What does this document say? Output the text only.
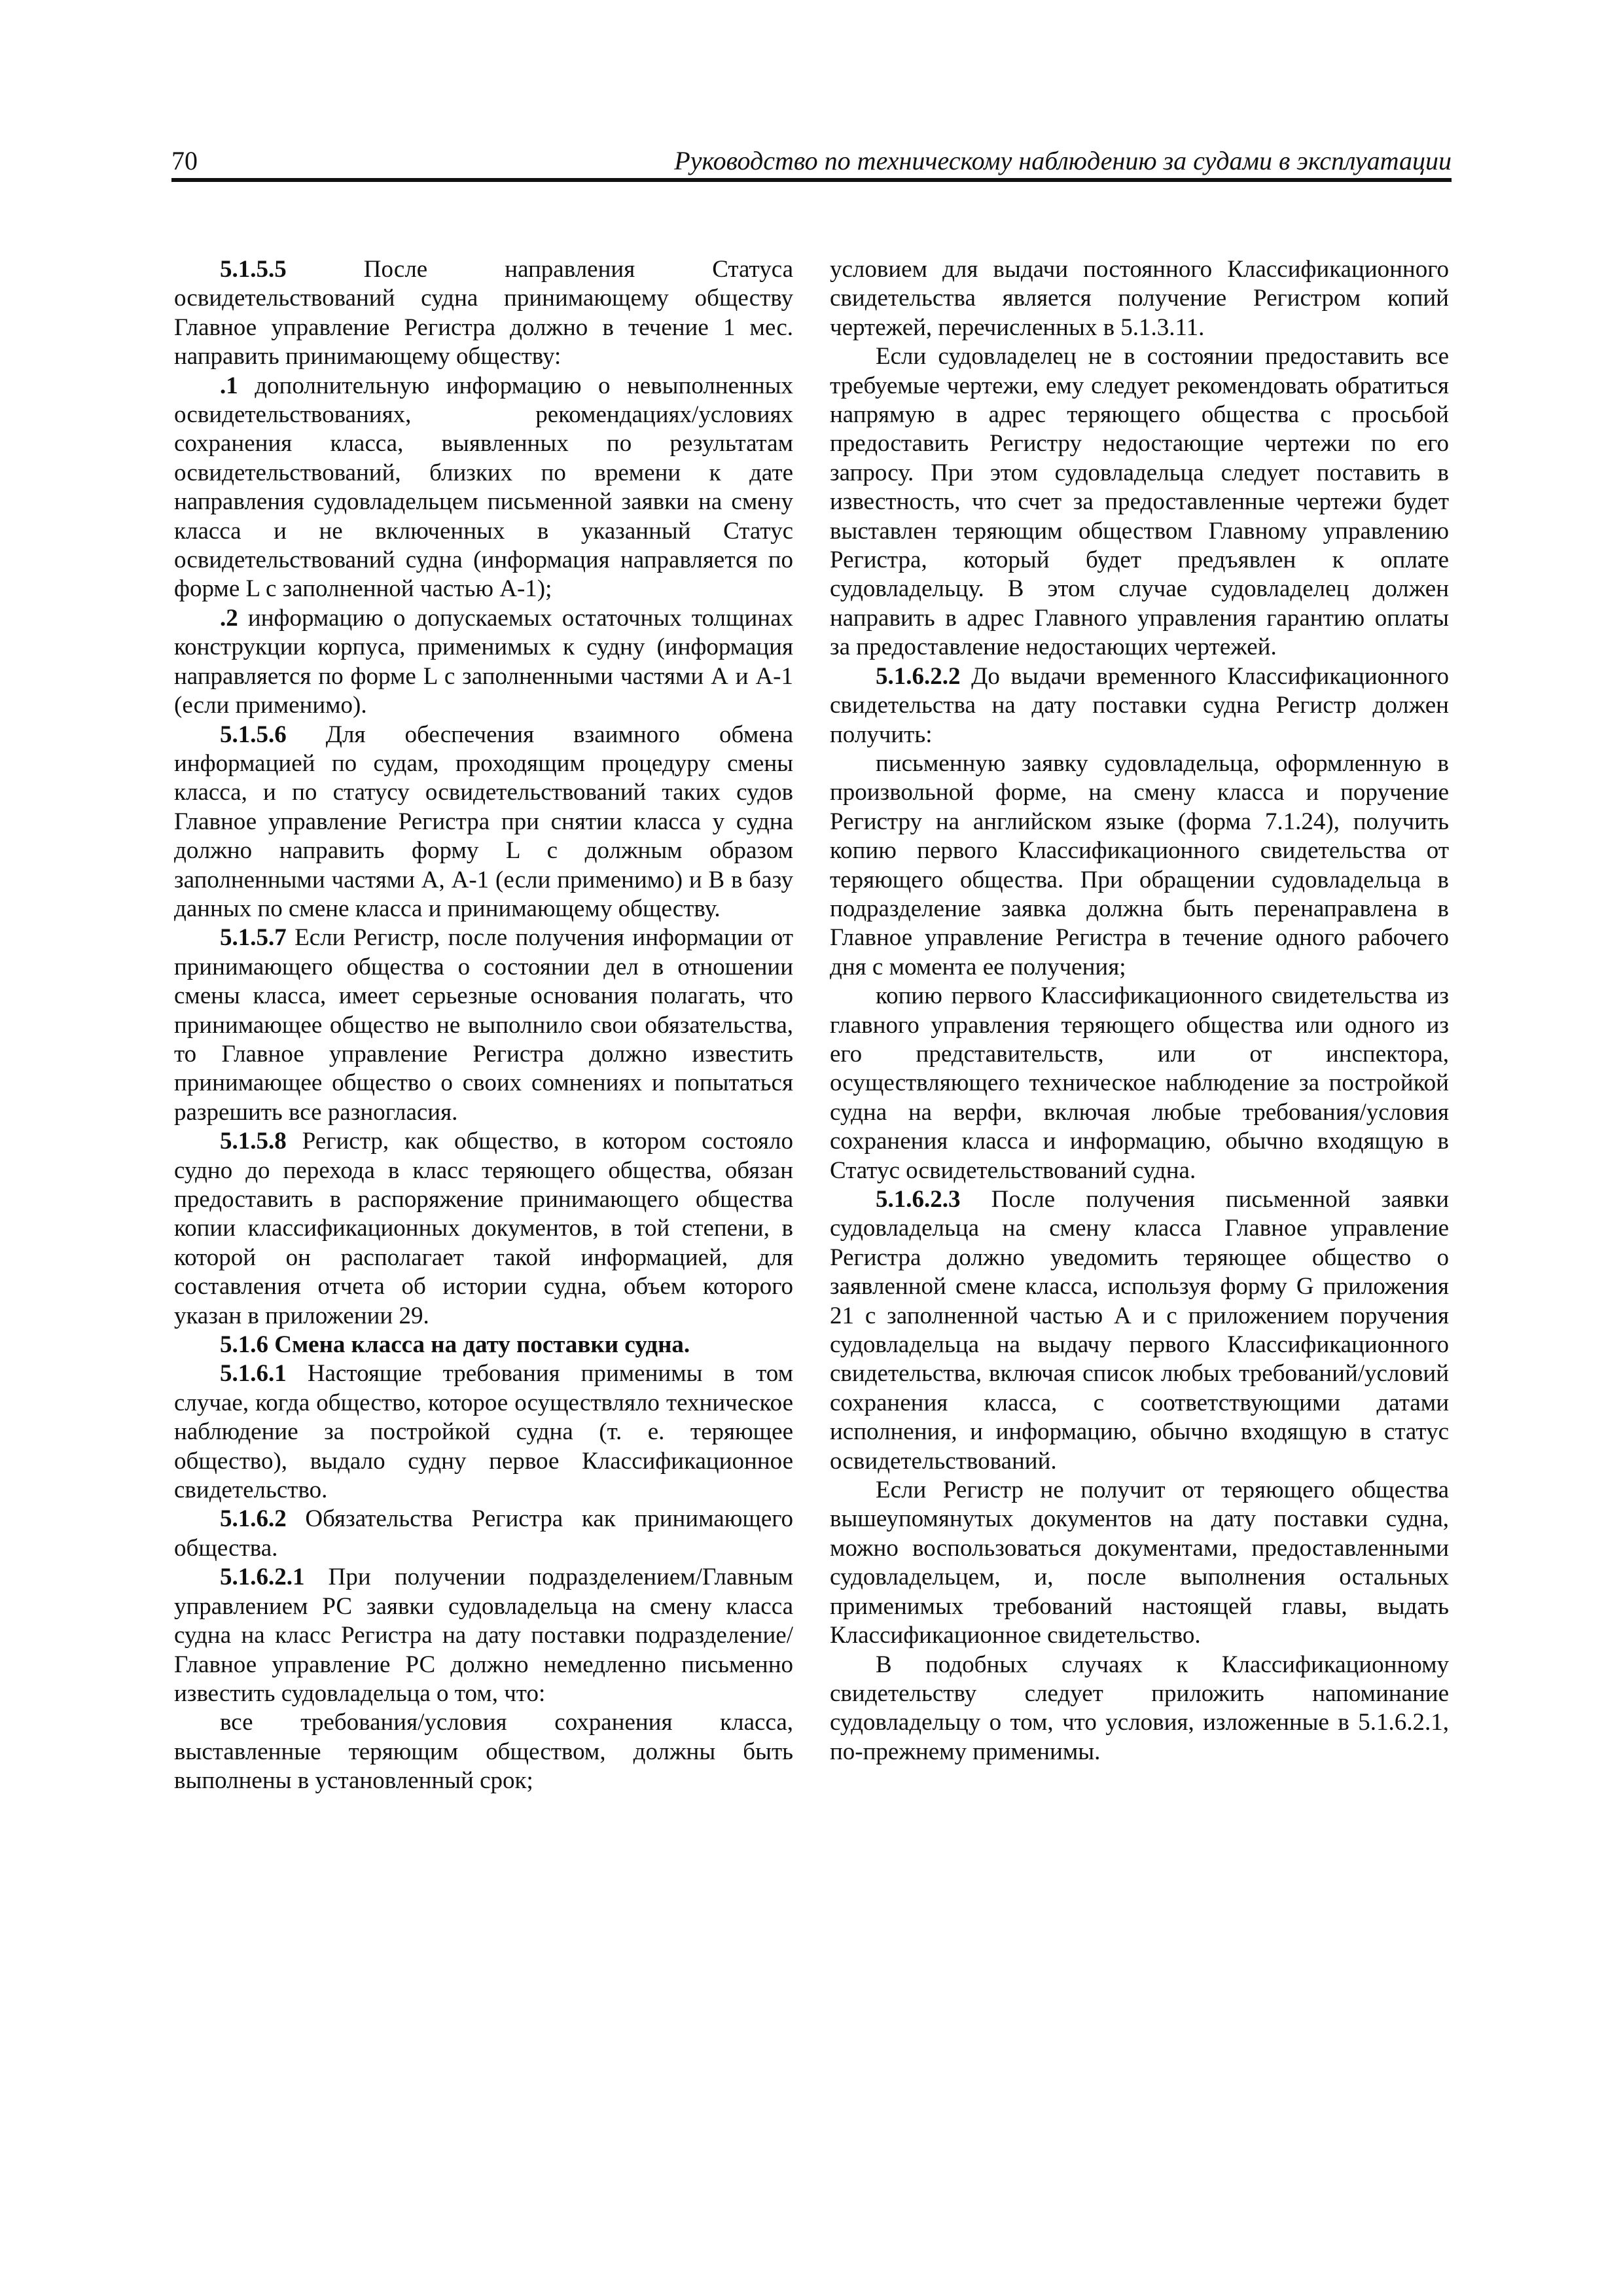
70	Руководство по техническому наблюдению за судами в эксплуатации

5.1.5.5 После направления Статуса освидетельствований судна принимающему обществу Главное управление Регистра должно в течение 1 мес. направить принимающему обществу:

.1 дополнительную информацию о невыполненных освидетельствованиях, рекомендациях/условиях сохранения класса, выявленных по результатам освидетельствований, близких по времени к дате направления судовладельцем письменной заявки на смену класса и не включенных в указанный Статус освидетельствований судна (информация направляется по форме L с заполненной частью A-1);

.2 информацию о допускаемых остаточных толщинах конструкции корпуса, применимых к судну (информация направляется по форме L с заполненными частями А и А-1 (если применимо).

5.1.5.6 Для обеспечения взаимного обмена информацией по судам, проходящим процедуру смены класса, и по статусу освидетельствований таких судов Главное управление Регистра при снятии класса у судна должно направить форму L с должным образом заполненными частями А, А-1 (если применимо) и В в базу данных по смене класса и принимающему обществу.

5.1.5.7 Если Регистр, после получения информации от принимающего общества о состоянии дел в отношении смены класса, имеет серьезные основания полагать, что принимающее общество не выполнило свои обязательства, то Главное управление Регистра должно известить принимающее общество о своих сомнениях и попытаться разрешить все разногласия.

5.1.5.8 Регистр, как общество, в котором состояло судно до перехода в класс теряющего общества, обязан предоставить в распоряжение принимающего общества копии классификационных документов, в той степени, в которой он располагает такой информацией, для составления отчета об истории судна, объем которого указан в приложении 29.

5.1.6 Смена класса на дату поставки судна.

5.1.6.1 Настоящие требования применимы в том случае, когда общество, которое осуществляло техническое наблюдение за постройкой судна (т. е. теряющее общество), выдало судну первое Классификационное свидетельство.

5.1.6.2 Обязательства Регистра как принимающего общества.

5.1.6.2.1 При получении подразделением/Главным управлением РС заявки судовладельца на смену класса судна на класс Регистра на дату поставки подразделение/Главное управление РС должно немедленно письменно известить судовладельца о том, что:

все требования/условия сохранения класса, выставленные теряющим обществом, должны быть выполнены в установленный срок;

условием для выдачи постоянного Классификационного свидетельства является получение Регистром копий чертежей, перечисленных в 5.1.3.11.

Если судовладелец не в состоянии предоставить все требуемые чертежи, ему следует рекомендовать обратиться напрямую в адрес теряющего общества с просьбой предоставить Регистру недостающие чертежи по его запросу. При этом судовладельца следует поставить в известность, что счет за предоставленные чертежи будет выставлен теряющим обществом Главному управлению Регистра, который будет предъявлен к оплате судовладельцу. В этом случае судовладелец должен направить в адрес Главного управления гарантию оплаты за предоставление недостающих чертежей.

5.1.6.2.2 До выдачи временного Классификационного свидетельства на дату поставки судна Регистр должен получить:

письменную заявку судовладельца, оформленную в произвольной форме, на смену класса и поручение Регистру на английском языке (форма 7.1.24), получить копию первого Классификационного свидетельства от теряющего общества. При обращении судовладельца в подразделение заявка должна быть перенаправлена в Главное управление Регистра в течение одного рабочего дня с момента ее получения;

копию первого Классификационного свидетельства из главного управления теряющего общества или одного из его представительств, или от инспектора, осуществляющего техническое наблюдение за постройкой судна на верфи, включая любые требования/условия сохранения класса и информацию, обычно входящую в Статус освидетельствований судна.

5.1.6.2.3 После получения письменной заявки судовладельца на смену класса Главное управление Регистра должно уведомить теряющее общество о заявленной смене класса, используя форму G приложения 21 с заполненной частью А и с приложением поручения судовладельца на выдачу первого Классификационного свидетельства, включая список любых требований/условий сохранения класса, с соответствующими датами исполнения, и информацию, обычно входящую в статус освидетельствований.

Если Регистр не получит от теряющего общества вышеупомянутых документов на дату поставки судна, можно воспользоваться документами, предоставленными судовладельцем, и, после выполнения остальных применимых требований настоящей главы, выдать Классификационное свидетельство.

В подобных случаях к Классификационному свидетельству следует приложить напоминание судовладельцу о том, что условия, изложенные в 5.1.6.2.1, по-прежнему применимы.
